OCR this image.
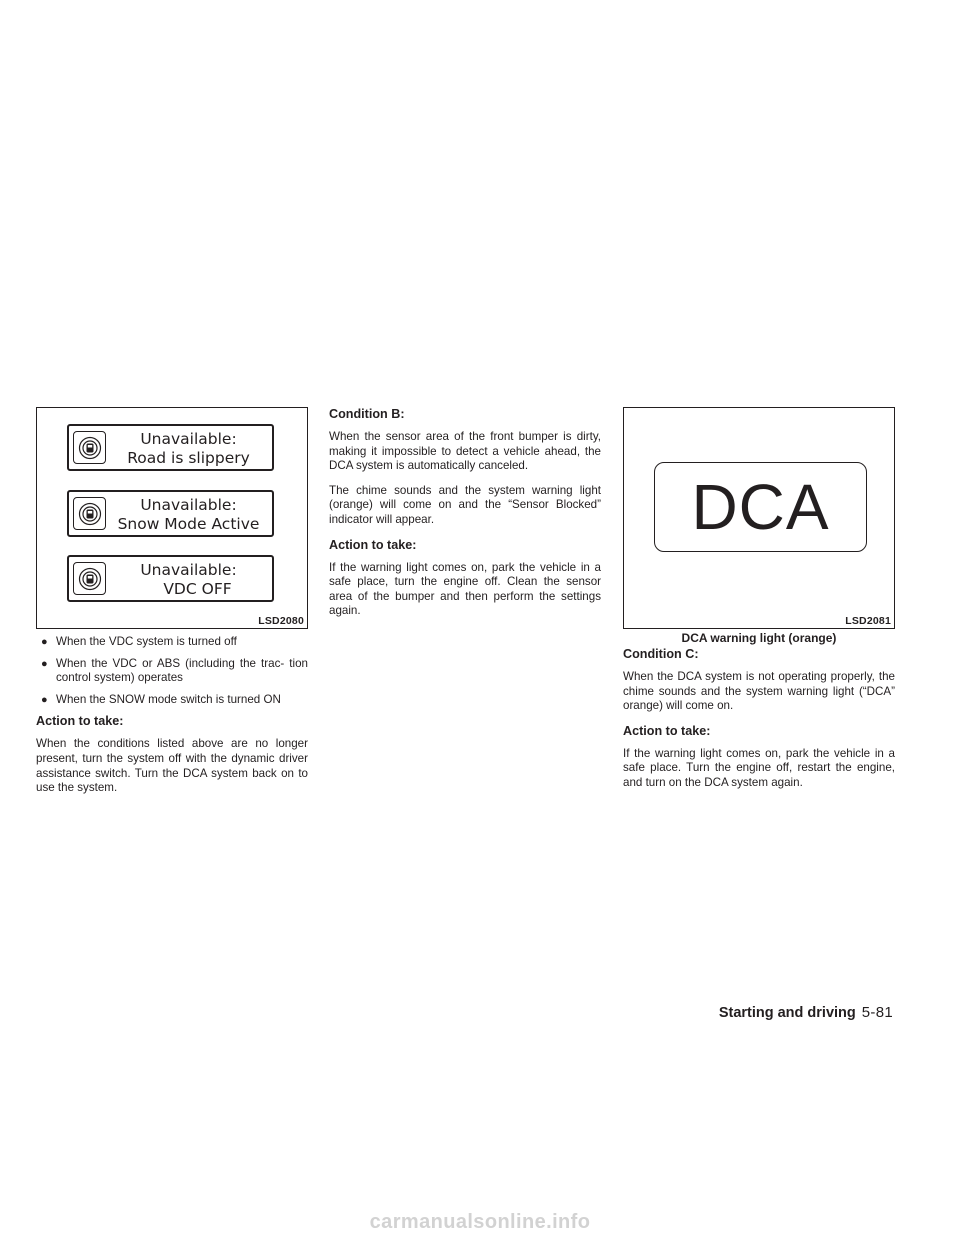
Unavailable:
Road is slippery
Unavailable:
Snow Mode Active
Unavailable:
VDC OFF
LSD2080
● When the VDC system is turned off
● When the VDC or ABS (including the trac- tion control system) operates
● When the SNOW mode switch is turned ON
Action to take:

When the conditions listed above are no longer present, turn the system off with the dynamic driver assistance switch. Turn the DCA system back on to use the system.

Condition B:

When the sensor area of the front bumper is dirty, making it impossible to detect a vehicle ahead, the DCA system is automatically canceled.

The chime sounds and the system warning light (orange) will come on and the “Sensor Blocked” indicator will appear.

Action to take:

If the warning light comes on, park the vehicle in a safe place, turn the engine off. Clean the sensor area of the bumper and then perform the settings again.

DCA
LSD2081
DCA warning light (orange)
Condition C:

When the DCA system is not operating properly, the chime sounds and the system warning light (“DCA” orange) will come on.

Action to take:

If the warning light comes on, park the vehicle in a safe place. Turn the engine off, restart the engine, and turn on the DCA system again.

Starting and driving 5-81
carmanualsonline.info
